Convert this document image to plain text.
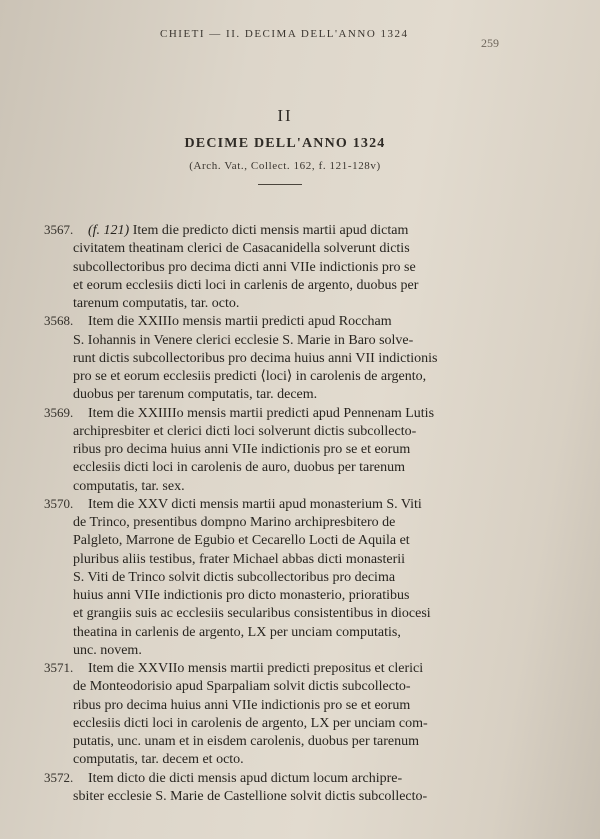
CHIETI — II. DECIMA DELL'ANNO 1324
259
II
DECIME DELL'ANNO 1324
(Arch. Vat., Collect. 162, f. 121-128v)
3567. (f. 121) Item die predicto dicti mensis martii apud dictam
civitatem theatinam clerici de Casacanidella solverunt dictis
subcollectoribus pro decima dicti anni VIIe indictionis pro se
et eorum ecclesiis dicti loci in carlenis de argento, duobus per
tarenum computatis, tar. octo.
3568. Item die XXIIIo mensis martii predicti apud Roccham
S. Iohannis in Venere clerici ecclesie S. Marie in Baro solve-
runt dictis subcollectoribus pro decima huius anni VII indictionis
pro se et eorum ecclesiis predicti ⟨loci⟩ in carolenis de argento,
duobus per tarenum computatis, tar. decem.
3569. Item die XXIIIIo mensis martii predicti apud Pennenam Lutis
archipresbiter et clerici dicti loci solverunt dictis subcollecto-
ribus pro decima huius anni VIIe indictionis pro se et eorum
ecclesiis dicti loci in carolenis de auro, duobus per tarenum
computatis, tar. sex.
3570. Item die XXV dicti mensis martii apud monasterium S. Viti
de Trinco, presentibus dompno Marino archipresbitero de
Palgleto, Marrone de Egubio et Cecarello Locti de Aquila et
pluribus aliis testibus, frater Michael abbas dicti monasterii
S. Viti de Trinco solvit dictis subcollectoribus pro decima
huius anni VIIe indictionis pro dicto monasterio, prioratibus
et grangiis suis ac ecclesiis secularibus consistentibus in diocesi
theatina in carlenis de argento, LX per unciam computatis,
unc. novem.
3571. Item die XXVIIo mensis martii predicti prepositus et clerici
de Monteodorisio apud Sparpaliam solvit dictis subcollecto-
ribus pro decima huius anni VIIe indictionis pro se et eorum
ecclesiis dicti loci in carolenis de argento, LX per unciam com-
putatis, unc. unam et in eisdem carolenis, duobus per tarenum
computatis, tar. decem et octo.
3572. Item dicto die dicti mensis apud dictum locum archipre-
sbiter ecclesie S. Marie de Castellione solvit dictis subcollecto-
